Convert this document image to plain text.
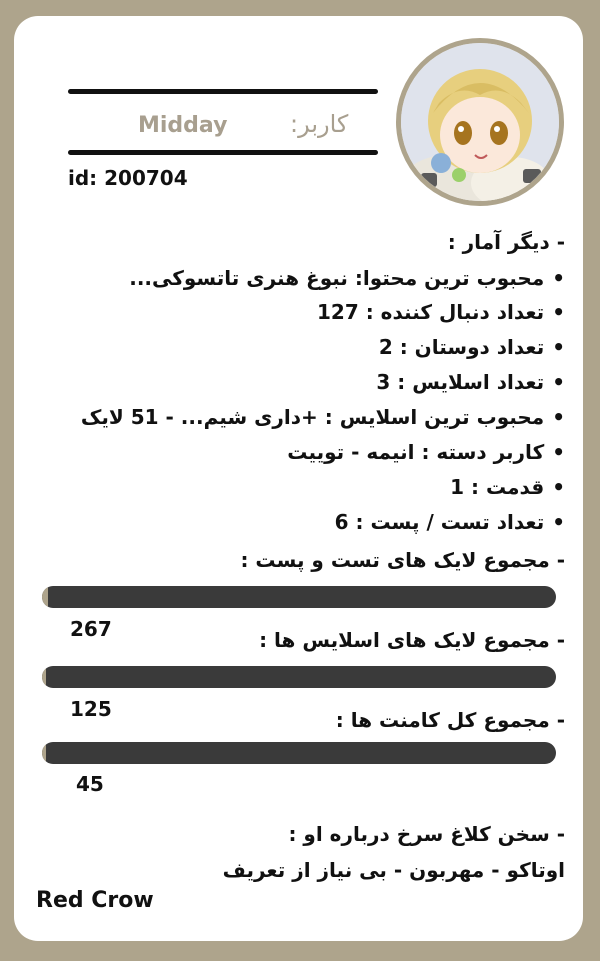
کاربر:
Midday
id: 200704
- دیگر آمار :
• محبوب ترین محتوا: نبوغ هنری تاتسوکی...
• تعداد دنبال کننده : 127
• تعداد دوستان : 2
• تعداد اسلایس : 3
• محبوب ترین اسلایس : +داری شیم... - 51 لایک
• کاربر دسته : انیمه - توییت
• قدمت : 1
• تعداد تست / پست : 6
- مجموع لایک های تست و پست :
267	- مجموع لایک های اسلایس ها :
125	- مجموع کل کامنت ها :
45
- سخن کلاغ سرخ درباره او :
اوتاکو - مهربون - بی نیاز از تعریف
Red Crow
